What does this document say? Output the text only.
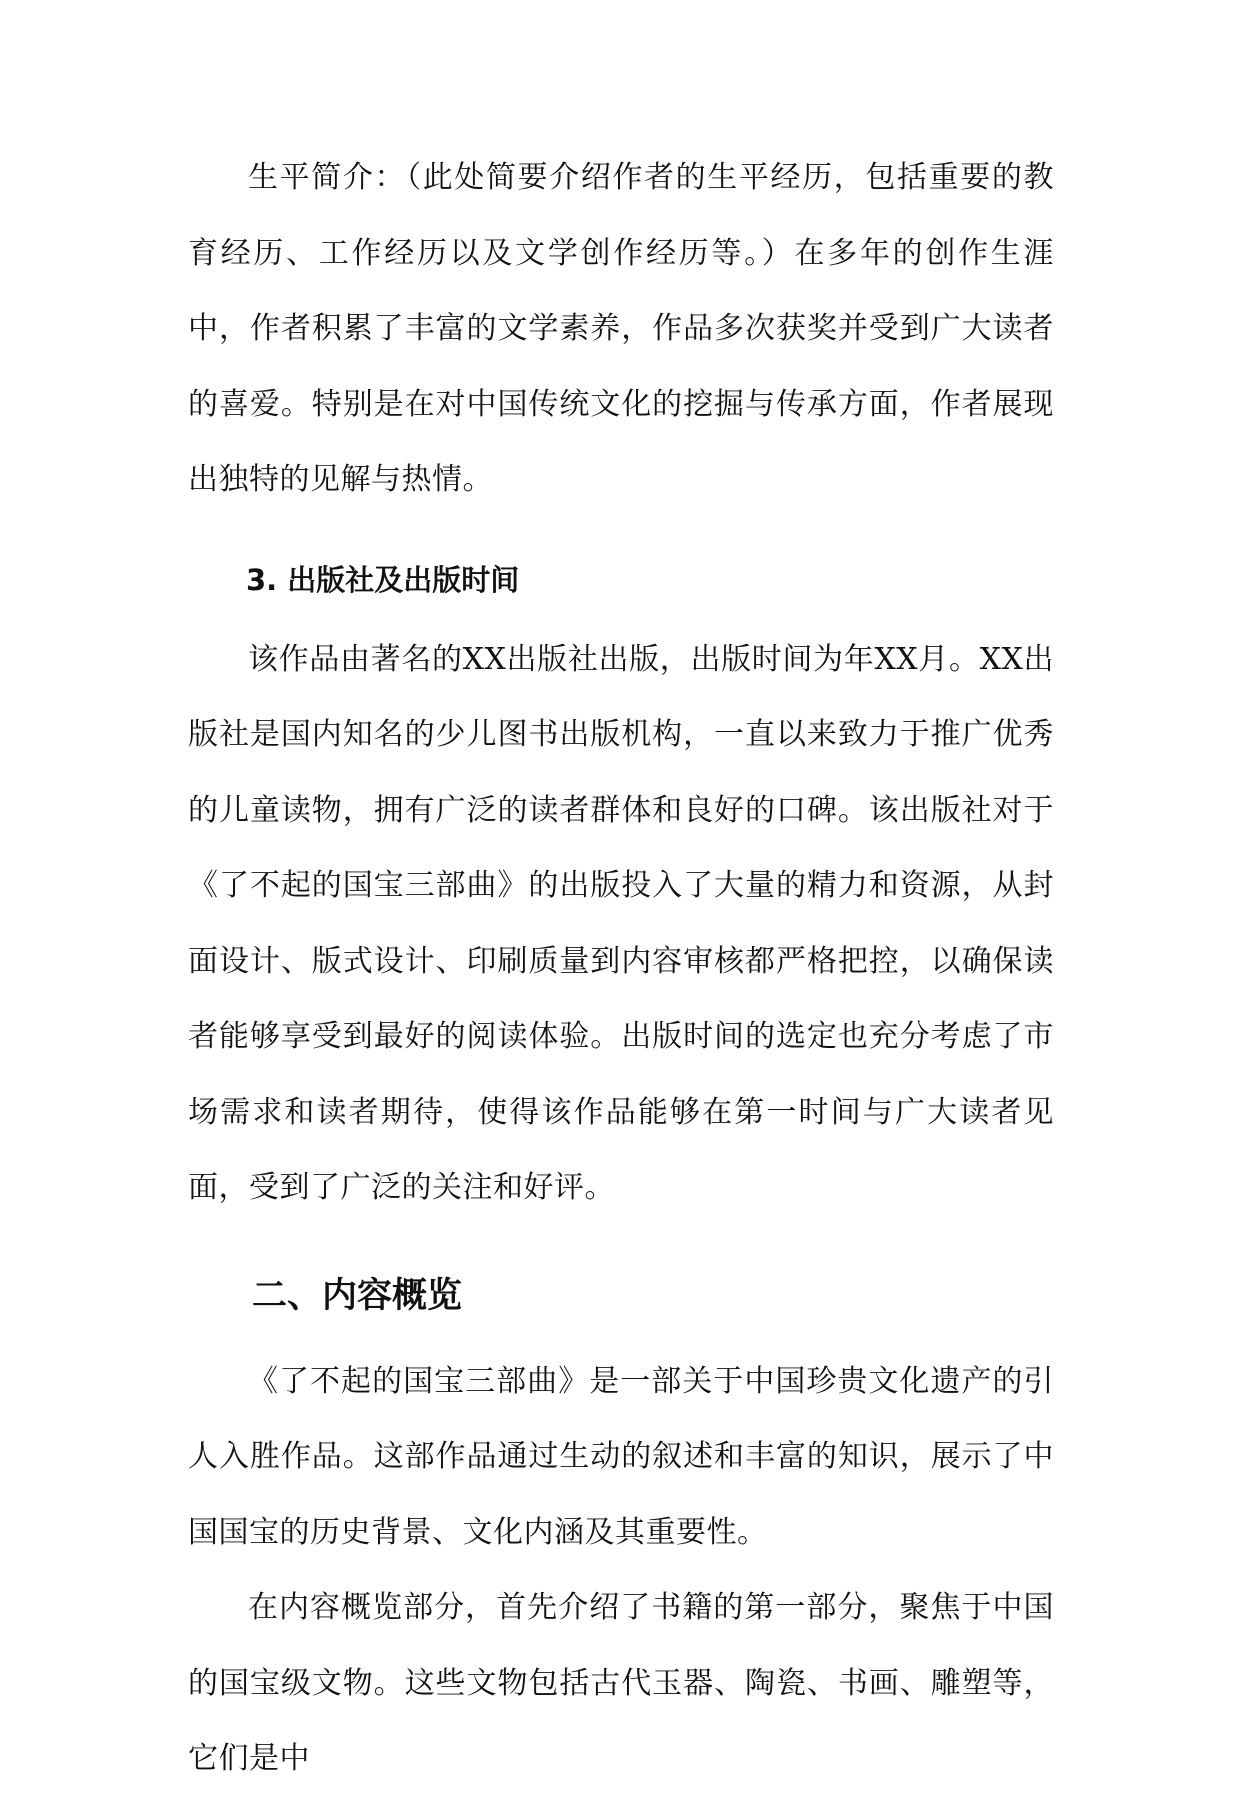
生平简介：（此处简要介绍作者的生平经历，包括重要的教育经历、工作经历以及文学创作经历等。）在多年的创作生涯中，作者积累了丰富的文学素养，作品多次获奖并受到广大读者的喜爱。特别是在对中国传统文化的挖掘与传承方面，作者展现出独特的见解与热情。

3. 出版社及出版时间

该作品由著名的XX出版社出版，出版时间为年XX月。XX出版社是国内知名的少儿图书出版机构，一直以来致力于推广优秀的儿童读物，拥有广泛的读者群体和良好的口碑。该出版社对于《了不起的国宝三部曲》的出版投入了大量的精力和资源，从封面设计、版式设计、印刷质量到内容审核都严格把控，以确保读者能够享受到最好的阅读体验。出版时间的选定也充分考虑了市场需求和读者期待，使得该作品能够在第一时间与广大读者见面，受到了广泛的关注和好评。

二、内容概览

《了不起的国宝三部曲》是一部关于中国珍贵文化遗产的引人入胜作品。这部作品通过生动的叙述和丰富的知识，展示了中国国宝的历史背景、文化内涵及其重要性。

在内容概览部分，首先介绍了书籍的第一部分，聚焦于中国的国宝级文物。这些文物包括古代玉器、陶瓷、书画、雕塑等，它们是中
